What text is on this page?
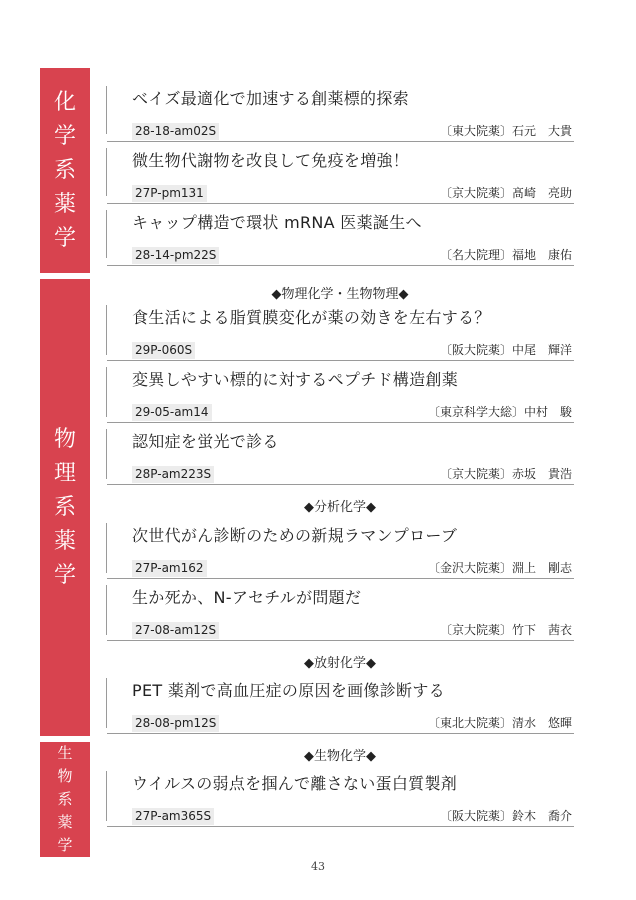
化
学
系
薬
学
物
理
系
薬
学
生
物
系
薬
学
ベイズ最適化で加速する創薬標的探索
28-18-am02S	〔東大院薬〕石元　大貴
微生物代謝物を改良して免疫を増強！
27P-pm131	〔京大院薬〕髙崎　亮助
キャップ構造で環状 mRNA 医薬誕生へ
28-14-pm22S	〔名大院理〕福地　康佑
◆物理化学・生物物理◆
食生活による脂質膜変化が薬の効きを左右する？
29P-060S	〔阪大院薬〕中尾　輝洋
変異しやすい標的に対するペプチド構造創薬
29-05-am14	〔東京科学大総〕中村　駿
認知症を蛍光で診る
28P-am223S	〔京大院薬〕赤坂　貴浩
◆分析化学◆
次世代がん診断のための新規ラマンプローブ
27P-am162	〔金沢大院薬〕淵上　剛志
生か死か、N-アセチルが問題だ
27-08-am12S	〔京大院薬〕竹下　茜衣
◆放射化学◆
PET 薬剤で高血圧症の原因を画像診断する
28-08-pm12S	〔東北大院薬〕清水　悠暉
◆生物化学◆
ウイルスの弱点を掴んで離さない蛋白質製剤
27P-am365S	〔阪大院薬〕鈴木　喬介
43
